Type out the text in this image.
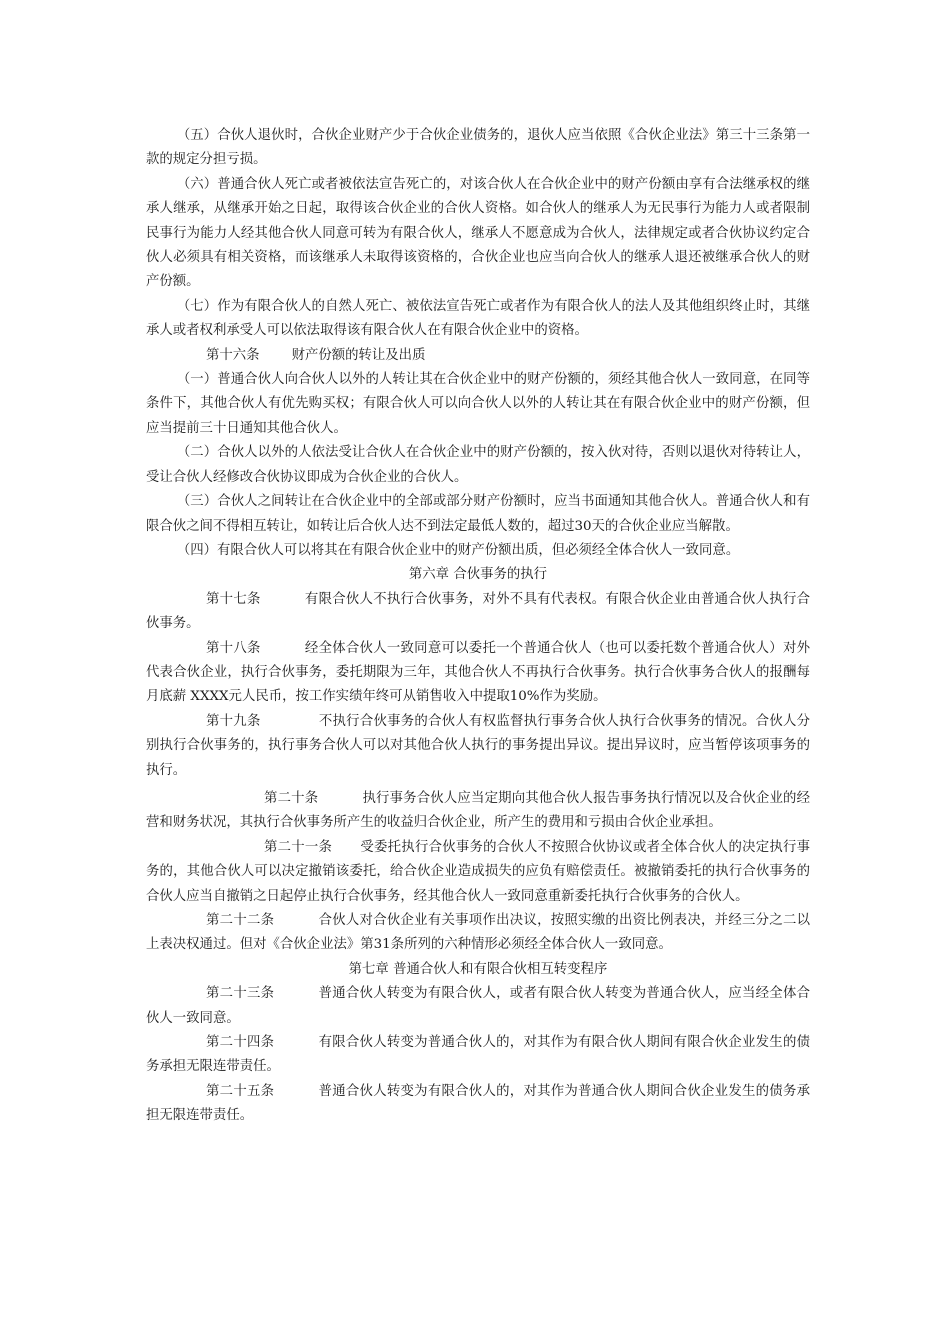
（五）合伙人退伙时，合伙企业财产少于合伙企业债务的，退伙人应当依照《合伙企业法》第三十三条第一款的规定分担亏损。

（六）普通合伙人死亡或者被依法宣告死亡的，对该合伙人在合伙企业中的财产份额由享有合法继承权的继承人继承，从继承开始之日起，取得该合伙企业的合伙人资格。如合伙人的继承人为无民事行为能力人或者限制民事行为能力人经其他合伙人同意可转为有限合伙人，继承人不愿意成为合伙人，法律规定或者合伙协议约定合伙人必须具有相关资格，而该继承人未取得该资格的，合伙企业也应当向合伙人的继承人退还被继承合伙人的财产份额。

（七）作为有限合伙人的自然人死亡、被依法宣告死亡或者作为有限合伙人的法人及其他组织终止时，其继承人或者权利承受人可以依法取得该有限合伙人在有限合伙企业中的资格。

第十六条 财产份额的转让及出质

（一）普通合伙人向合伙人以外的人转让其在合伙企业中的财产份额的，须经其他合伙人一致同意，在同等条件下，其他合伙人有优先购买权；有限合伙人可以向合伙人以外的人转让其在有限合伙企业中的财产份额，但应当提前三十日通知其他合伙人。

（二）合伙人以外的人依法受让合伙人在合伙企业中的财产份额的，按入伙对待，否则以退伙对待转让人，受让合伙人经修改合伙协议即成为合伙企业的合伙人。

（三）合伙人之间转让在合伙企业中的全部或部分财产份额时，应当书面通知其他合伙人。普通合伙人和有限合伙之间不得相互转让，如转让后合伙人达不到法定最低人数的，超过30天的合伙企业应当解散。

（四）有限合伙人可以将其在有限合伙企业中的财产份额出质，但必须经全体合伙人一致同意。

第六章 合伙事务的执行

第十七条	有限合伙人不执行合伙事务，对外不具有代表权。有限合伙企业由普通合伙人执行合伙事务。

第十八条	经全体合伙人一致同意可以委托一个普通合伙人（也可以委托数个普通合伙人）对外代表合伙企业，执行合伙事务，委托期限为三年，其他合伙人不再执行合伙事务。执行合伙事务合伙人的报酬每月底薪 XXXX元人民币，按工作实绩年终可从销售收入中提取10%作为奖励。

第十九条	不执行合伙事务的合伙人有权监督执行事务合伙人执行合伙事务的情况。合伙人分别执行合伙事务的，执行事务合伙人可以对其他合伙人执行的事务提出异议。提出异议时，应当暂停该项事务的执行。

第二十条	执行事务合伙人应当定期向其他合伙人报告事务执行情况以及合伙企业的经营和财务状况，其执行合伙事务所产生的收益归合伙企业，所产生的费用和亏损由合伙企业承担。

第二十一条 受委托执行合伙事务的合伙人不按照合伙协议或者全体合伙人的决定执行事务的，其他合伙人可以决定撤销该委托，给合伙企业造成损失的应负有赔偿责任。被撤销委托的执行合伙事务的合伙人应当自撤销之日起停止执行合伙事务，经其他合伙人一致同意重新委托执行合伙事务的合伙人。

第二十二条	合伙人对合伙企业有关事项作出决议，按照实缴的出资比例表决，并经三分之二以上表决权通过。但对《合伙企业法》第31条所列的六种情形必须经全体合伙人一致同意。

第七章 普通合伙人和有限合伙相互转变程序

第二十三条	普通合伙人转变为有限合伙人，或者有限合伙人转变为普通合伙人，应当经全体合伙人一致同意。

第二十四条	有限合伙人转变为普通合伙人的，对其作为有限合伙人期间有限合伙企业发生的债务承担无限连带责任。

第二十五条	普通合伙人转变为有限合伙人的，对其作为普通合伙人期间合伙企业发生的债务承担无限连带责任。
